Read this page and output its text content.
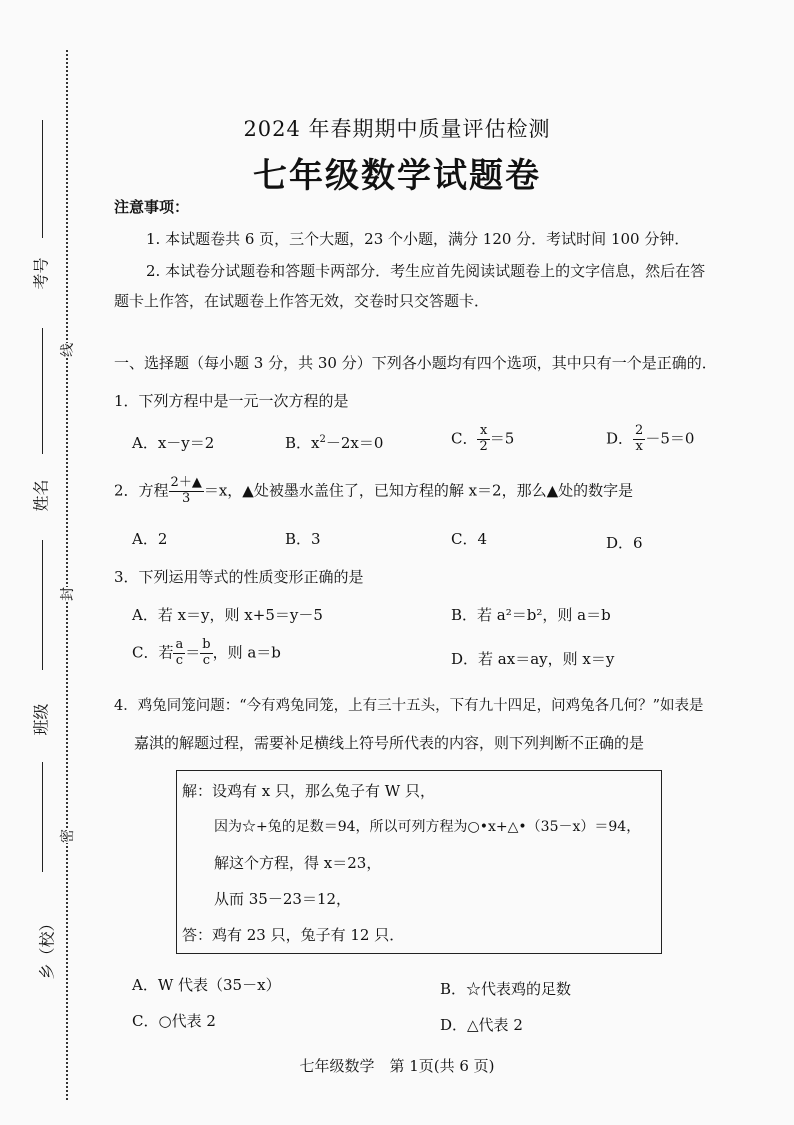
考号
姓名
班级
乡（校）
线
封
密
2024 年春期期中质量评估检测
七年级数学试题卷
注意事项：
1. 本试题卷共 6 页，三个大题，23 个小题，满分 120 分．考试时间 100 分钟．
2. 本试卷分试题卷和答题卡两部分．考生应首先阅读试题卷上的文字信息，然后在答
题卡上作答，在试题卷上作答无效，交卷时只交答题卡．
一、选择题（每小题 3 分，共 30 分）下列各小题均有四个选项，其中只有一个是正确的．
1．下列方程中是一元一次方程的是
A．x－y＝2	B．$x^2-2x=0$	C． $\frac{x}{2} =5$	D． $\frac{2}{x} -5=0$
2．方程 $\frac{2+▲}{3} =x$，▲处被墨水盖住了，已知方程的解 x＝2，那么▲处的数字是
A．2	B．3	C．4	D．6
3．下列运用等式的性质变形正确的是
A．若 x＝y，则 x+5＝y－5	B．若 a²＝b²，则 a＝b
C．若 $\frac{a}{c} = \frac{b}{c}$ ，则 a＝b	D．若 ax＝ay，则 x＝y
4．鸡兔同笼问题：“今有鸡兔同笼，上有三十五头，下有九十四足，问鸡兔各几何？”如表是
嘉淇的解题过程，需要补足横线上符号所代表的内容，则下列判断不正确的是
解：设鸡有 x 只，那么兔子有 W 只，
因为☆+兔的足数＝94，所以可列方程为○•x+△•（35－x）＝94，
解这个方程，得 x＝23，
从而 35－23＝12，
答：鸡有 23 只，兔子有 12 只．
A．W 代表（35－x）	B．☆代表鸡的足数
C．○代表 2	D．△代表 2
七年级数学　第 1页(共 6 页)
